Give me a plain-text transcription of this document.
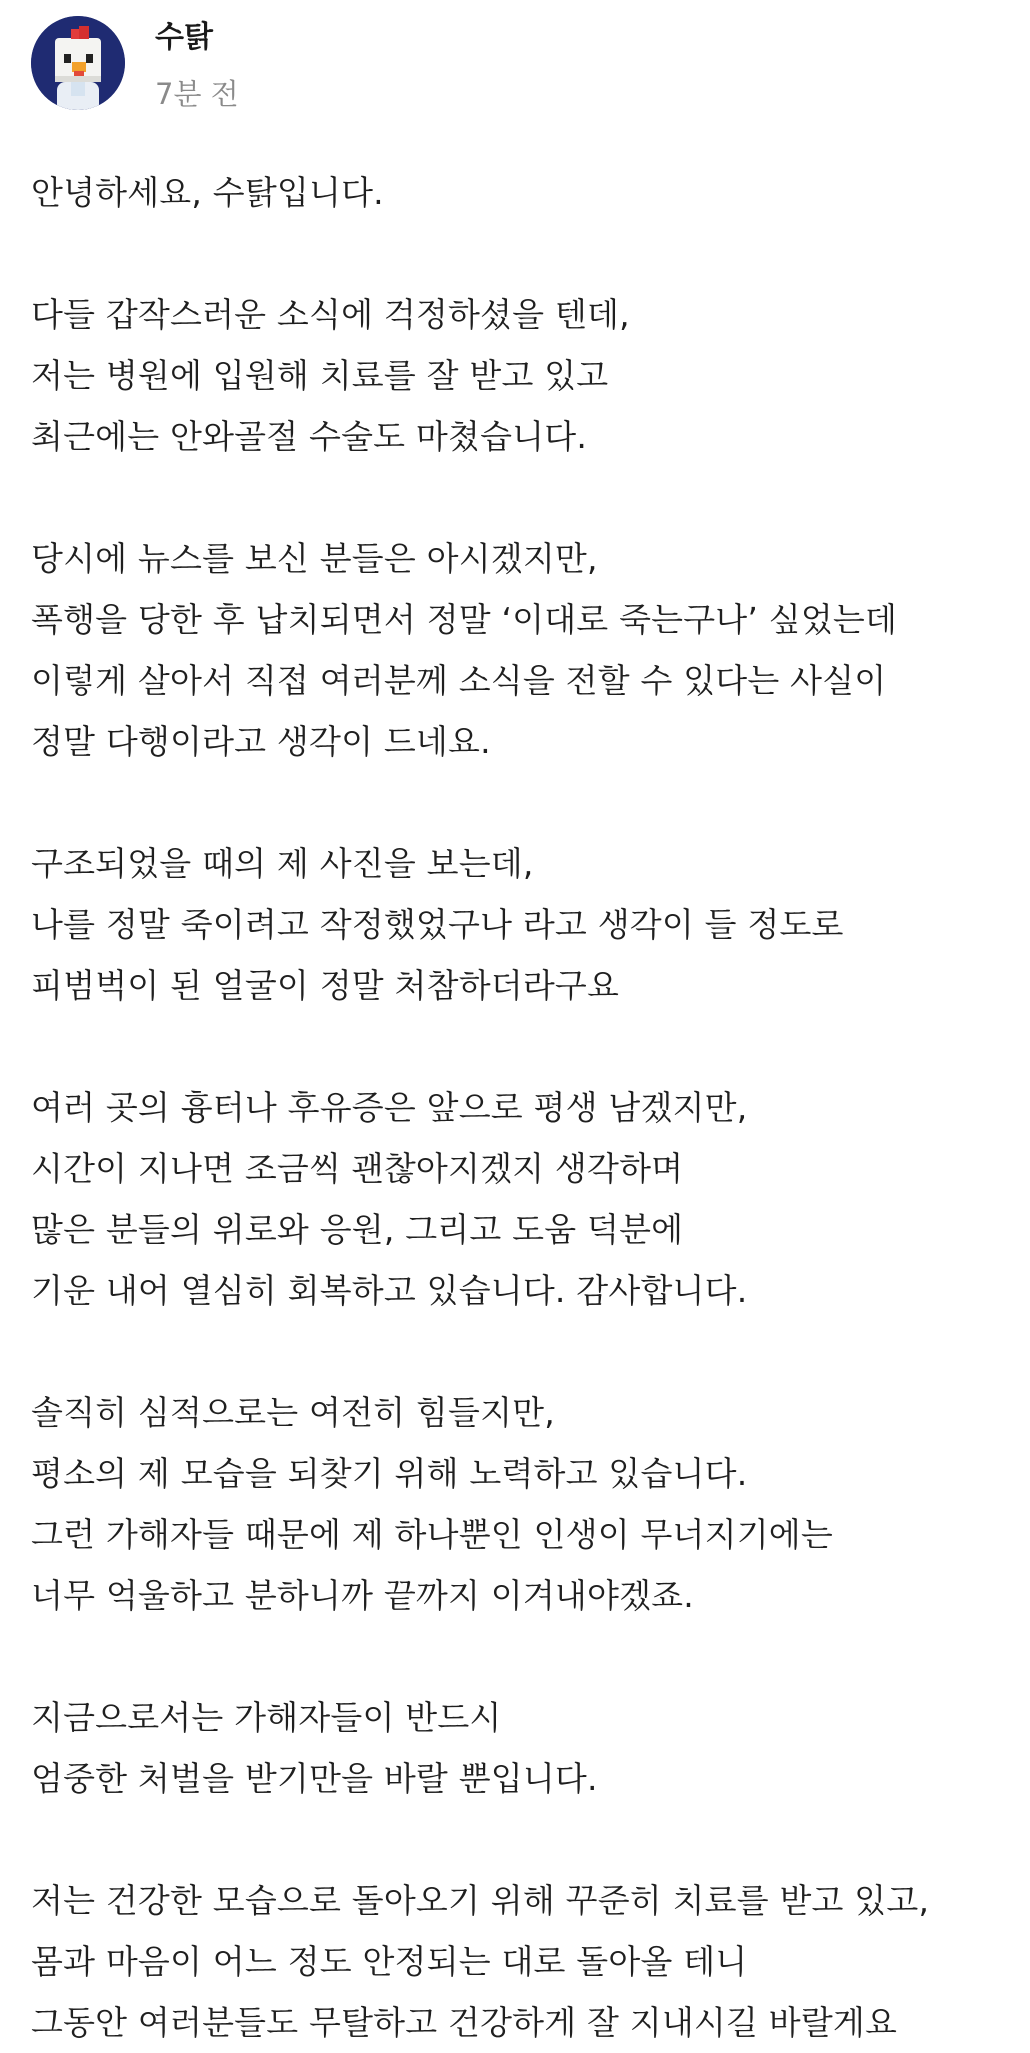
수탉
7분 전
안녕하세요, 수탉입니다.
다들 갑작스러운 소식에 걱정하셨을 텐데,
저는 병원에 입원해 치료를 잘 받고 있고
최근에는 안와골절 수술도 마쳤습니다.
당시에 뉴스를 보신 분들은 아시겠지만,
폭행을 당한 후 납치되면서 정말 ‘이대로 죽는구나’ 싶었는데
이렇게 살아서 직접 여러분께 소식을 전할 수 있다는 사실이
정말 다행이라고 생각이 드네요.
구조되었을 때의 제 사진을 보는데,
나를 정말 죽이려고 작정했었구나 라고 생각이 들 정도로
피범벅이 된 얼굴이 정말 처참하더라구요
여러 곳의 흉터나 후유증은 앞으로 평생 남겠지만,
시간이 지나면 조금씩 괜찮아지겠지 생각하며
많은 분들의 위로와 응원, 그리고 도움 덕분에
기운 내어 열심히 회복하고 있습니다. 감사합니다.
솔직히 심적으로는 여전히 힘들지만,
평소의 제 모습을 되찾기 위해 노력하고 있습니다.
그런 가해자들 때문에 제 하나뿐인 인생이 무너지기에는
너무 억울하고 분하니까 끝까지 이겨내야겠죠.
지금으로서는 가해자들이 반드시
엄중한 처벌을 받기만을 바랄 뿐입니다.
저는 건강한 모습으로 돌아오기 위해 꾸준히 치료를 받고 있고,
몸과 마음이 어느 정도 안정되는 대로 돌아올 테니
그동안 여러분들도 무탈하고 건강하게 잘 지내시길 바랄게요
